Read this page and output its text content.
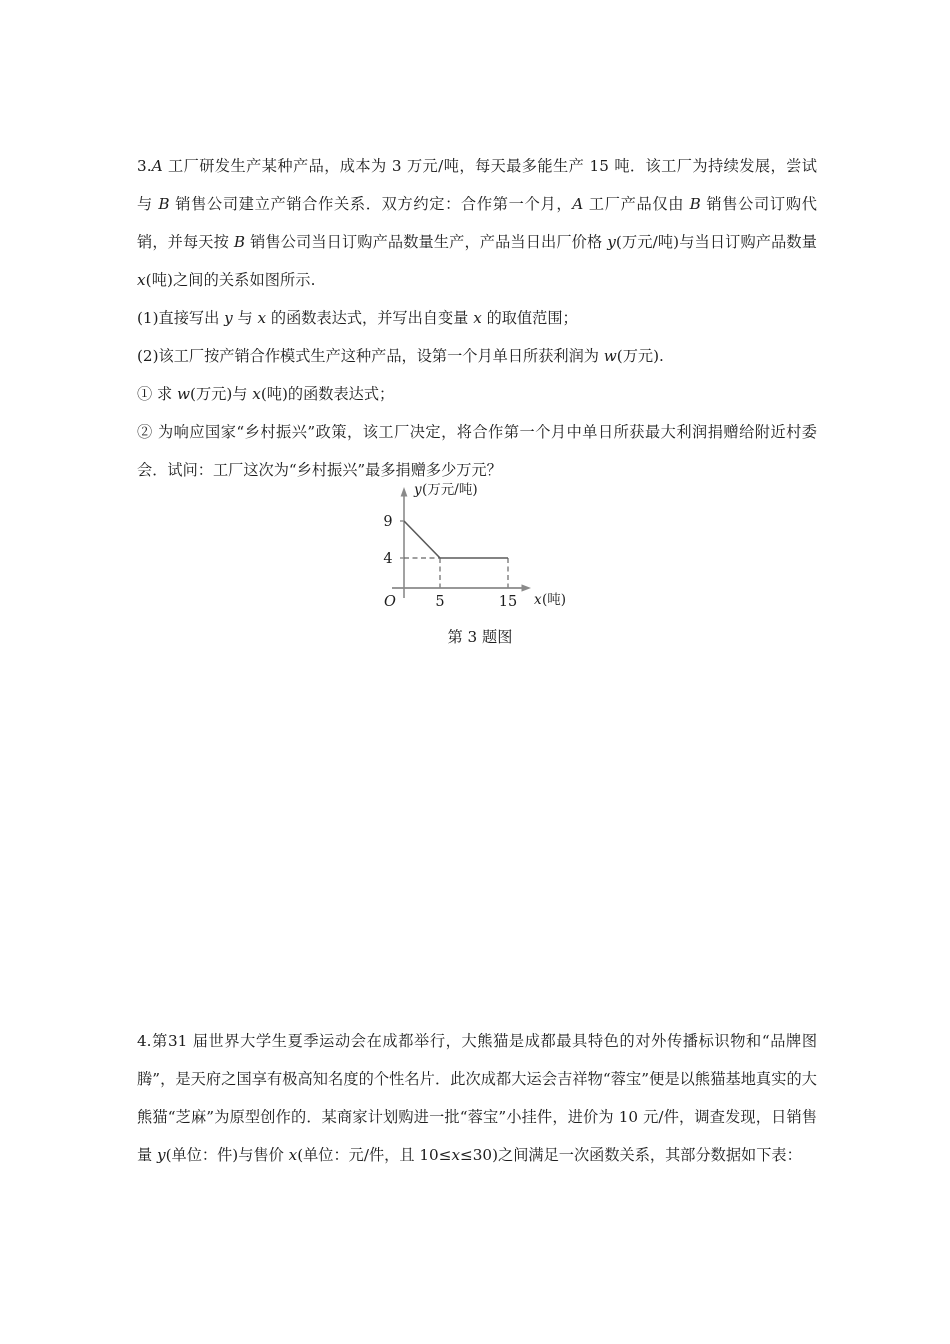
3.A 工厂研发生产某种产品，成本为 3 万元/吨，每天最多能生产 15 吨．该工厂为持续发展，尝试与 B 销售公司建立产销合作关系．双方约定：合作第一个月，A 工厂产品仅由 B 销售公司订购代销，并每天按 B 销售公司当日订购产品数量生产，产品当日出厂价格 y(万元/吨)与当日订购产品数量 x(吨)之间的关系如图所示.

(1)直接写出 y 与 x 的函数表达式，并写出自变量 x 的取值范围；

(2)该工厂按产销合作模式生产这种产品，设第一个月单日所获利润为 w(万元).

① 求 w(万元)与 x(吨)的函数表达式；

② 为响应国家“乡村振兴”政策，该工厂决定，将合作第一个月中单日所获最大利润捐赠给附近村委会．试问：工厂这次为“乡村振兴”最多捐赠多少万元？

y (万元/吨)
9
4
O	5	15 x (吨)
第 3 题图

4.第31 届世界大学生夏季运动会在成都举行，大熊猫是成都最具特色的对外传播标识物和“品牌图腾”，是天府之国享有极高知名度的个性名片．此次成都大运会吉祥物“蓉宝”便是以熊猫基地真实的大熊猫“芝麻”为原型创作的．某商家计划购进一批“蓉宝”小挂件，进价为 10 元/件，调查发现，日销售量 y(单位：件)与售价 x(单位：元/件，且 10≤x≤30)之间满足一次函数关系，其部分数据如下表：
